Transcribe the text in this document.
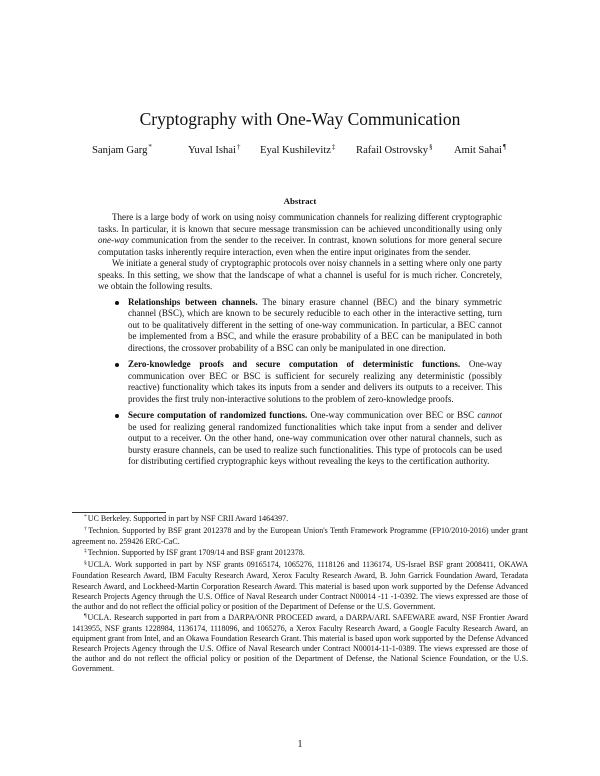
Cryptography with One-Way Communication
Sanjam Garg*	Yuval Ishai† Eyal Kushilevitz‡ Rafail Ostrovsky§ Amit Sahai¶
Abstract

There is a large body of work on using noisy communication channels for realizing different cryptographic tasks. In particular, it is known that secure message transmission can be achieved unconditionally using only one-way communication from the sender to the receiver. In contrast, known solutions for more general secure computation tasks inherently require interaction, even when the entire input originates from the sender.

We initiate a general study of cryptographic protocols over noisy channels in a setting where only one party speaks. In this setting, we show that the landscape of what a channel is useful for is much richer. Concretely, we obtain the following results.

Relationships between channels. The binary erasure channel (BEC) and the binary symmetric channel (BSC), which are known to be securely reducible to each other in the interactive setting, turn out to be qualitatively different in the setting of one-way communication. In particular, a BEC cannot be implemented from a BSC, and while the erasure probability of a BEC can be manipulated in both directions, the crossover probability of a BSC can only be manipulated in one direction.
Zero-knowledge proofs and secure computation of deterministic functions. One-way communication over BEC or BSC is sufficient for securely realizing any deterministic (possibly reactive) functionality which takes its inputs from a sender and delivers its outputs to a receiver. This provides the first truly non-interactive solutions to the problem of zero-knowledge proofs.
Secure computation of randomized functions. One-way communication over BEC or BSC cannot be used for realizing general randomized functionalities which take input from a sender and deliver output to a receiver. On the other hand, one-way communication over other natural channels, such as bursty erasure channels, can be used to realize such functionalities. This type of protocols can be used for distributing certified cryptographic keys without revealing the keys to the certification authority.

*UC Berkeley. Supported in part by NSF CRII Award 1464397.

†Technion. Supported by BSF grant 2012378 and by the European Union's Tenth Framework Programme (FP10/2010-2016) under grant agreement no. 259426 ERC-CaC.

‡Technion. Supported by ISF grant 1709/14 and BSF grant 2012378.

§UCLA. Work supported in part by NSF grants 09165174, 1065276, 1118126 and 1136174, US-Israel BSF grant 2008411, OKAWA Foundation Research Award, IBM Faculty Research Award, Xerox Faculty Research Award, B. John Garrick Foundation Award, Teradata Research Award, and Lockheed-Martin Corporation Research Award. This material is based upon work supported by the Defense Advanced Research Projects Agency through the U.S. Office of Naval Research under Contract N00014 -11 -1-0392. The views expressed are those of the author and do not reflect the official policy or position of the Department of Defense or the U.S. Government.

¶UCLA. Research supported in part from a DARPA/ONR PROCEED award, a DARPA/ARL SAFEWARE award, NSF Frontier Award 1413955, NSF grants 1228984, 1136174, 1118096, and 1065276, a Xerox Faculty Research Award, a Google Faculty Research Award, an equipment grant from Intel, and an Okawa Foundation Research Grant. This material is based upon work supported by the Defense Advanced Research Projects Agency through the U.S. Office of Naval Research under Contract N00014-11-1-0389. The views expressed are those of the author and do not reflect the official policy or position of the Department of Defense, the National Science Foundation, or the U.S. Government.

1
